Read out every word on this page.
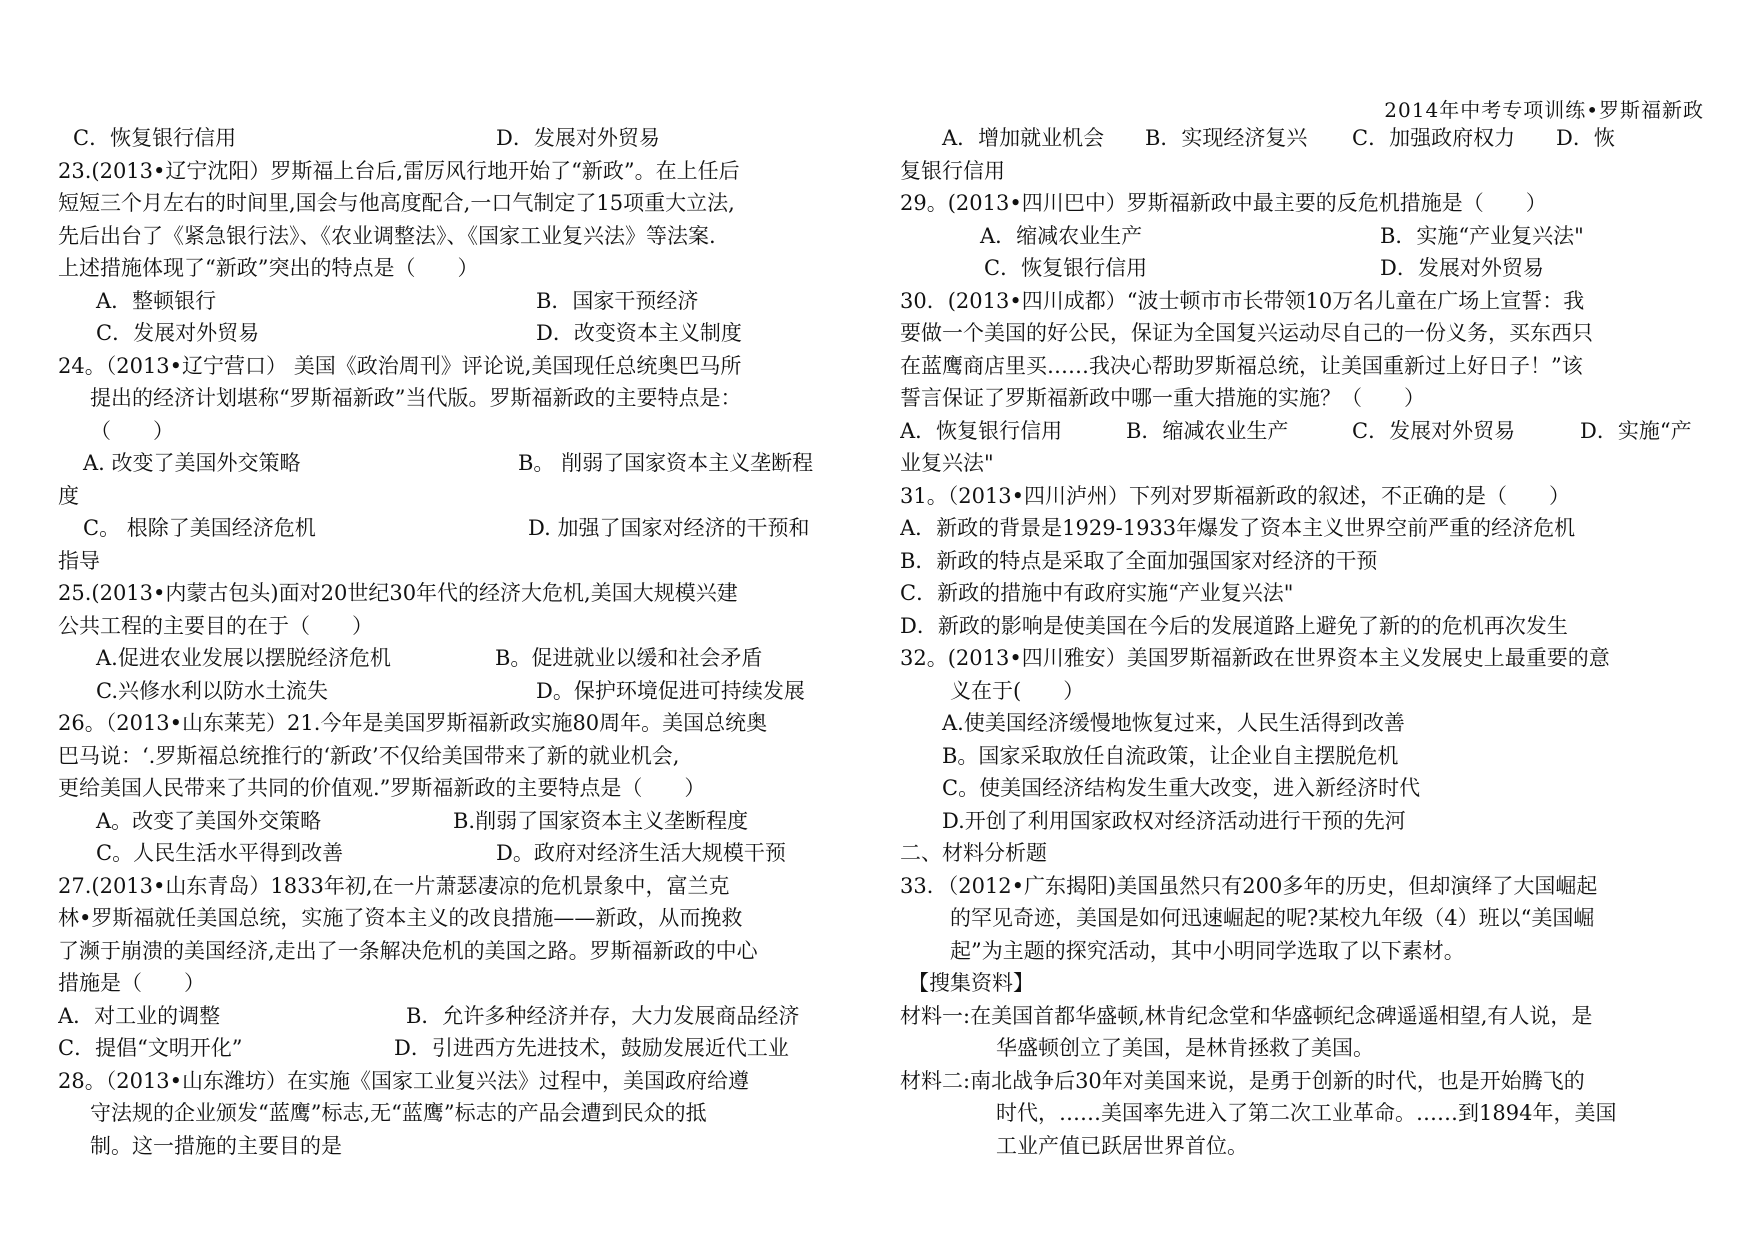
2014年中考专项训练•罗斯福新政
C．恢复银行信用	D．发展对外贸易
23.(2013•辽宁沈阳）罗斯福上台后,雷厉风行地开始了“新政”。在上任后
短短三个月左右的时间里,国会与他高度配合,一口气制定了15项重大立法,
先后出台了《紧急银行法》、《农业调整法》、《国家工业复兴法》等法案.
上述措施体现了“新政”突出的特点是（　　）
A．整顿银行	B．国家干预经济
C．发展对外贸易	D．改变资本主义制度
24。（2013•辽宁营口） 美国《政治周刊》评论说,美国现任总统奥巴马所
提出的经济计划堪称“罗斯福新政”当代版。罗斯福新政的主要特点是：
（　　）
A. 改变了美国外交策略	B。 削弱了国家资本主义垄断程
度
C。 根除了美国经济危机	D. 加强了国家对经济的干预和
指导
25.(2013•内蒙古包头)面对20世纪30年代的经济大危机,美国大规模兴建
公共工程的主要目的在于（　　）
A.促进农业发展以摆脱经济危机	B。促进就业以缓和社会矛盾
C.兴修水利以防水土流失	D。保护环境促进可持续发展
26。（2013•山东莱芜）21.今年是美国罗斯福新政实施80周年。美国总统奥
巴马说：‘.罗斯福总统推行的‘新政’不仅给美国带来了新的就业机会,
更给美国人民带来了共同的价值观.”罗斯福新政的主要特点是（　　）
A。改变了美国外交策略	B.削弱了国家资本主义垄断程度
C。人民生活水平得到改善	D。政府对经济生活大规模干预
27.(2013•山东青岛）1833年初,在一片萧瑟凄凉的危机景象中，富兰克
林•罗斯福就任美国总统，实施了资本主义的改良措施——新政，从而挽救
了濒于崩溃的美国经济,走出了一条解决危机的美国之路。罗斯福新政的中心
措施是（　　）
A．对工业的调整	B．允许多种经济并存，大力发展商品经济
C．提倡“文明开化”	D．引进西方先进技术，鼓励发展近代工业
28。（2013•山东潍坊）在实施《国家工业复兴法》过程中，美国政府给遵
守法规的企业颁发“蓝鹰”标志,无“蓝鹰”标志的产品会遭到民众的抵
制。这一措施的主要目的是
A．增加就业机会 B．实现经济复兴 C．加强政府权力 D．恢
复银行信用
29。(2013•四川巴中）罗斯福新政中最主要的反危机措施是（　　）
A．缩减农业生产	B．实施“产业复兴法"
C．恢复银行信用	D．发展对外贸易
30．(2013•四川成都）“波士顿市市长带领10万名儿童在广场上宣誓：我
要做一个美国的好公民，保证为全国复兴运动尽自己的一份义务，买东西只
在蓝鹰商店里买……我决心帮助罗斯福总统，让美国重新过上好日子！”该
誓言保证了罗斯福新政中哪一重大措施的实施？（　　）
A．恢复银行信用	B．缩减农业生产	C．发展对外贸易	D．实施“产
业复兴法"
31。（2013•四川泸州）下列对罗斯福新政的叙述，不正确的是（　　）
A．新政的背景是1929-1933年爆发了资本主义世界空前严重的经济危机
B．新政的特点是采取了全面加强国家对经济的干预
C．新政的措施中有政府实施“产业复兴法"
D．新政的影响是使美国在今后的发展道路上避免了新的的危机再次发生
32。(2013•四川雅安）美国罗斯福新政在世界资本主义发展史上最重要的意
义在于(　　）
A.使美国经济缓慢地恢复过来，人民生活得到改善
B。国家采取放任自流政策，让企业自主摆脱危机
C。使美国经济结构发生重大改变，进入新经济时代
D.开创了利用国家政权对经济活动进行干预的先河
二、材料分析题
33．（2012•广东揭阳)美国虽然只有200多年的历史，但却演绎了大国崛起
的罕见奇迹，美国是如何迅速崛起的呢?某校九年级（4）班以“美国崛
起”为主题的探究活动，其中小明同学选取了以下素材。
【搜集资料】
材料一:在美国首都华盛顿,林肯纪念堂和华盛顿纪念碑遥遥相望,有人说，是
华盛顿创立了美国，是林肯拯救了美国。
材料二:南北战争后30年对美国来说，是勇于创新的时代，也是开始腾飞的
时代，……美国率先进入了第二次工业革命。……到1894年，美国
工业产值已跃居世界首位。
